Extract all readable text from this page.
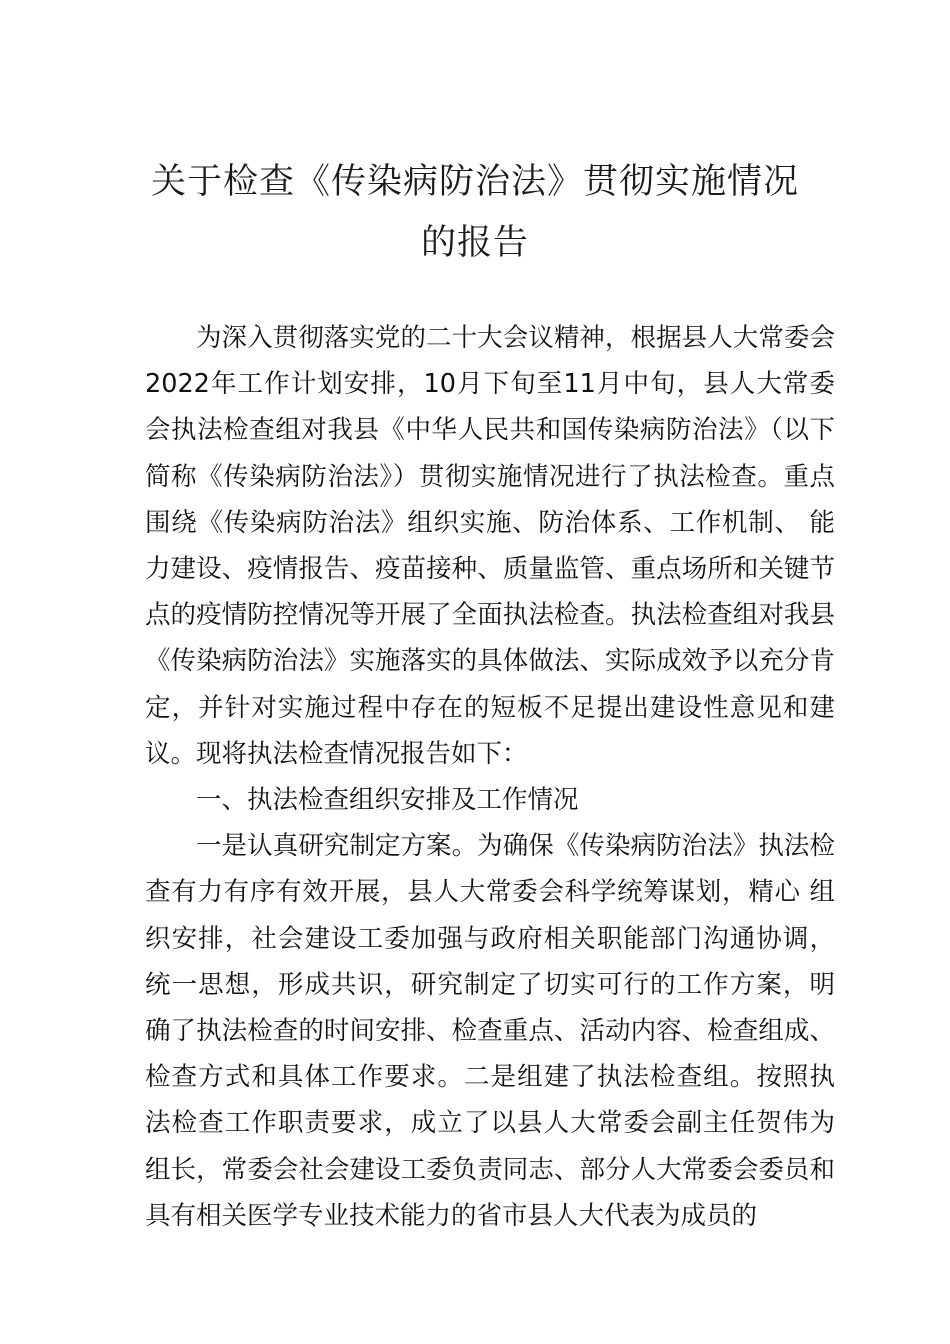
关于检查《传染病防治法》贯彻实施情况
的报告

为深入贯彻落实党的二十大会议精神，根据县人大常委会2022年工作计划安排，10月下旬至11月中旬，县人大常委会执法检查组对我县《中华人民共和国传染病防治法》（以下简称《传染病防治法》）贯彻实施情况进行了执法检查。重点围绕《传染病防治法》组织实施、防治体系、工作机制、 能力建设、疫情报告、疫苗接种、质量监管、重点场所和关键节点的疫情防控情况等开展了全面执法检查。执法检查组对我县《传染病防治法》实施落实的具体做法、实际成效予以充分肯定，并针对实施过程中存在的短板不足提出建设性意见和建议。现将执法检查情况报告如下：

一、执法检查组织安排及工作情况

一是认真研究制定方案。为确保《传染病防治法》执法检查有力有序有效开展，县人大常委会科学统筹谋划，精心 组织安排，社会建设工委加强与政府相关职能部门沟通协调， 统一思想，形成共识，研究制定了切实可行的工作方案，明 确了执法检查的时间安排、检查重点、活动内容、检查组成、检查方式和具体工作要求。二是组建了执法检查组。按照执 法检查工作职责要求，成立了以县人大常委会副主任贺伟为 组长，常委会社会建设工委负责同志、部分人大常委会委员和具有相关医学专业技术能力的省市县人大代表为成员的
